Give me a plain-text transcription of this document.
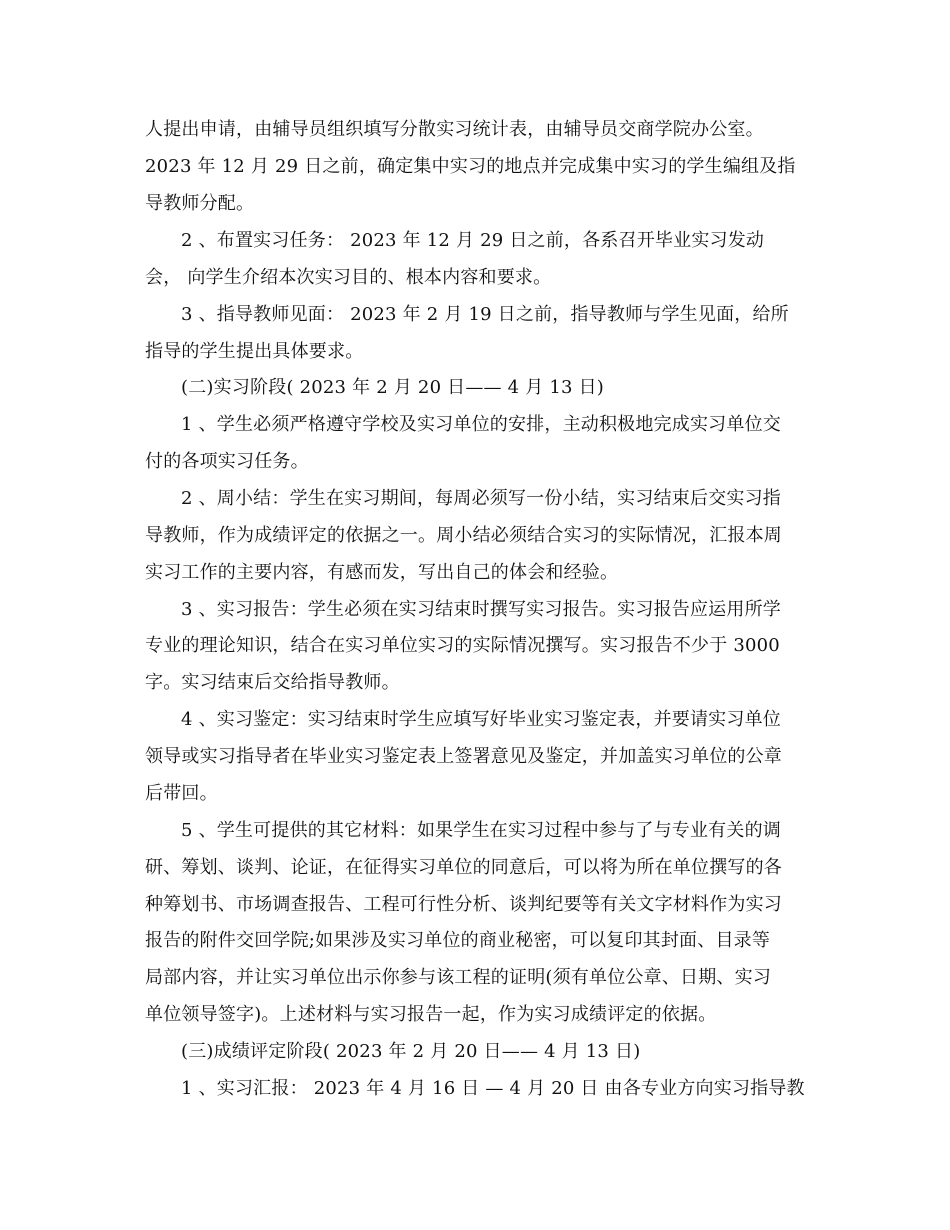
人提出申请，由辅导员组织填写分散实习统计表，由辅导员交商学院办公室。
2023 年 12 月 29 日之前，确定集中实习的地点并完成集中实习的学生编组及指
导教师分配。
2 、布置实习任务： 2023 年 12 月 29 日之前，各系召开毕业实习发动
会， 向学生介绍本次实习目的、根本内容和要求。
3 、指导教师见面： 2023 年 2 月 19 日之前，指导教师与学生见面，给所
指导的学生提出具体要求。
(二)实习阶段( 2023 年 2 月 20 日—— 4 月 13 日)
1 、学生必须严格遵守学校及实习单位的安排，主动积极地完成实习单位交
付的各项实习任务。
2 、周小结：学生在实习期间，每周必须写一份小结，实习结束后交实习指
导教师，作为成绩评定的依据之一。周小结必须结合实习的实际情况，汇报本周
实习工作的主要内容，有感而发，写出自己的体会和经验。
3 、实习报告：学生必须在实习结束时撰写实习报告。实习报告应运用所学
专业的理论知识，结合在实习单位实习的实际情况撰写。实习报告不少于 3000
字。实习结束后交给指导教师。
4 、实习鉴定：实习结束时学生应填写好毕业实习鉴定表，并要请实习单位
领导或实习指导者在毕业实习鉴定表上签署意见及鉴定，并加盖实习单位的公章
后带回。
5 、学生可提供的其它材料：如果学生在实习过程中参与了与专业有关的调
研、筹划、谈判、论证，在征得实习单位的同意后，可以将为所在单位撰写的各
种筹划书、市场调查报告、工程可行性分析、谈判纪要等有关文字材料作为实习
报告的附件交回学院;如果涉及实习单位的商业秘密，可以复印其封面、目录等
局部内容，并让实习单位出示你参与该工程的证明(须有单位公章、日期、实习
单位领导签字)。上述材料与实习报告一起，作为实习成绩评定的依据。
(三)成绩评定阶段( 2023 年 2 月 20 日—— 4 月 13 日)
1 、实习汇报： 2023 年 4 月 16 日 — 4 月 20 日 由各专业方向实习指导教
